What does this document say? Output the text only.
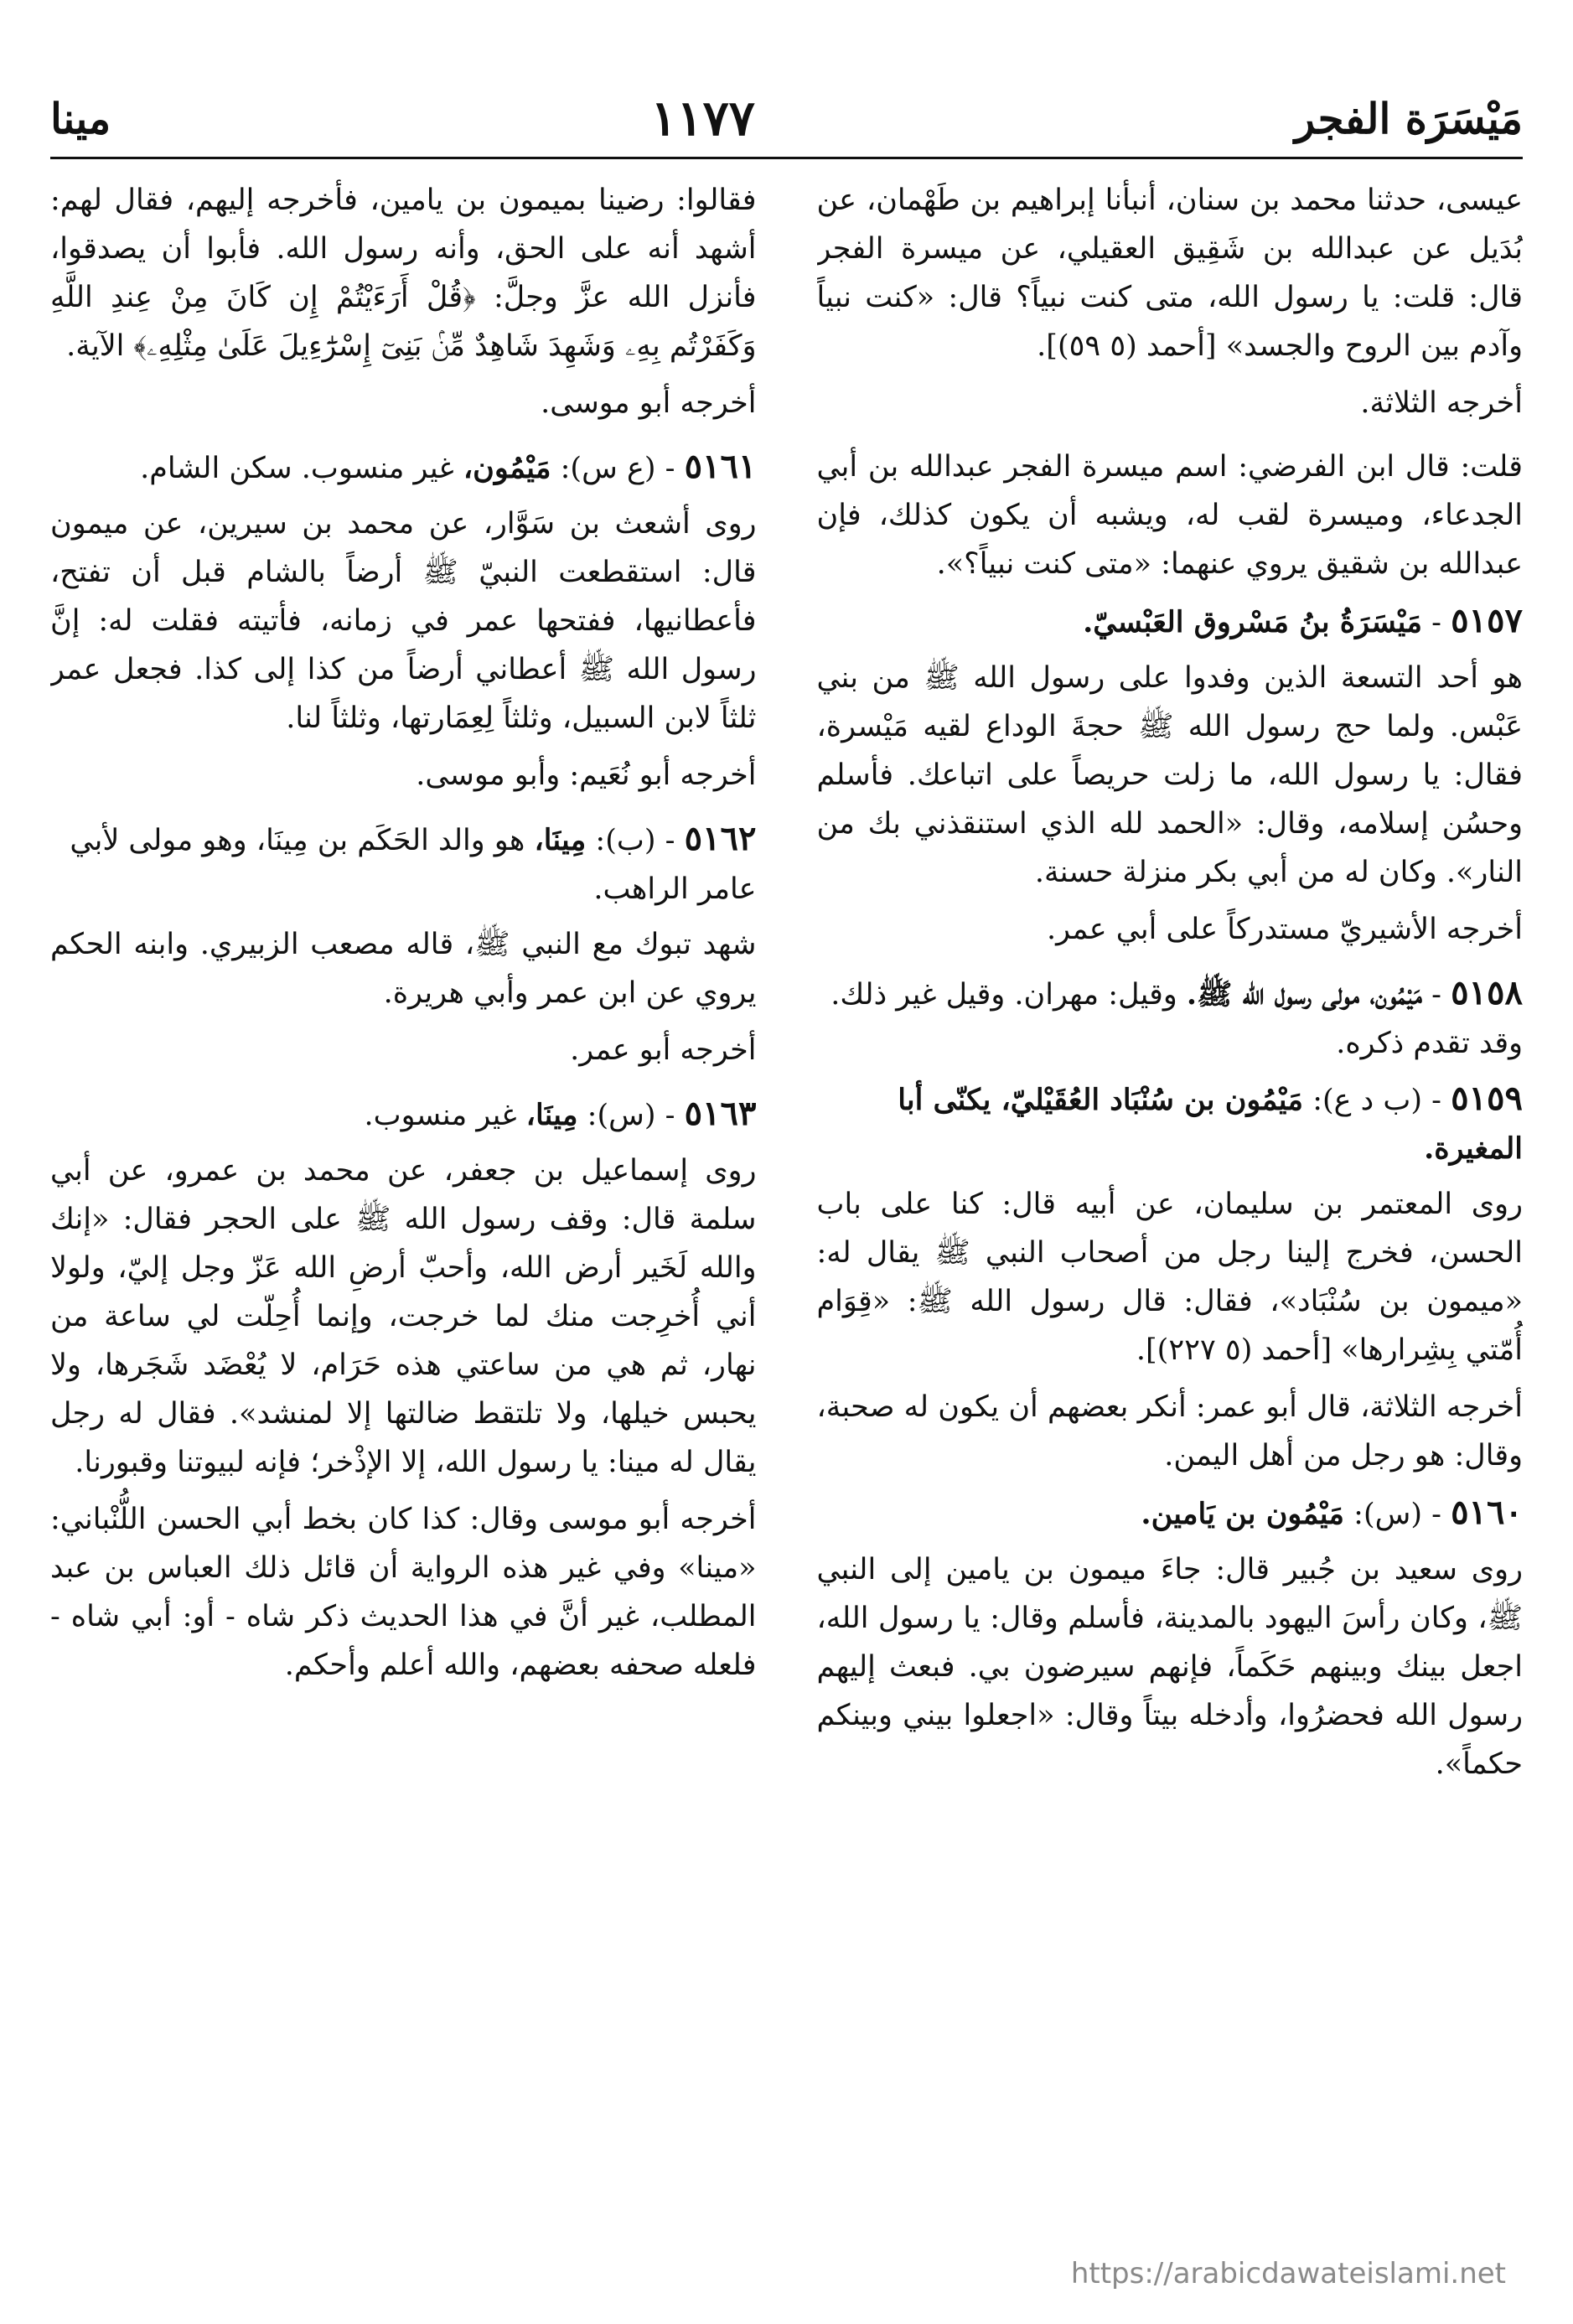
مَيْسَرَة الفجر
١١٧٧
مينا

عيسى، حدثنا محمد بن سنان، أنبأنا إبراهيم بن طَهْمان، عن بُدَيل عن عبدالله بن شَقِيق العقيلي، عن ميسرة الفجر قال: قلت: يا رسول الله، متى كنت نبياً؟ قال: «كنت نبياً وآدم بين الروح والجسد» [أحمد (٥ ٥٩)].

أخرجه الثلاثة.

قلت: قال ابن الفرضي: اسم ميسرة الفجر عبدالله بن أبي الجدعاء، وميسرة لقب له، ويشبه أن يكون كذلك، فإن عبدالله بن شقيق يروي عنهما: «متى كنت نبياً؟».

٥١٥٧ - مَيْسَرَةُ بنُ مَسْروق العَبْسيّ.

هو أحد التسعة الذين وفدوا على رسول الله ﷺ من بني عَبْس. ولما حج رسول الله ﷺ حجةَ الوداع لقيه مَيْسرة، فقال: يا رسول الله، ما زلت حريصاً على اتباعك. فأسلم وحسُن إسلامه، وقال: «الحمد لله الذي استنقذني بك من النار». وكان له من أبي بكر منزلة حسنة.

أخرجه الأشيريّ مستدركاً على أبي عمر.

٥١٥٨ - مَيْمُون، مولى رسول الله ﷺ. وقيل: مهران. وقيل غير ذلك. وقد تقدم ذكره.

٥١٥٩ - (ب د ع): مَيْمُون بن سُنْبَاد العُقَيْليّ، يكنّى أبا المغيرة.

روى المعتمر بن سليمان، عن أبيه قال: كنا على باب الحسن، فخرج إلينا رجل من أصحاب النبي ﷺ يقال له: «ميمون بن سُنْبَاد»، فقال: قال رسول الله ﷺ: «قِوَام أُمّتي بِشِرارها» [أحمد (٥ ٢٢٧)].

أخرجه الثلاثة، قال أبو عمر: أنكر بعضهم أن يكون له صحبة، وقال: هو رجل من أهل اليمن.

٥١٦٠ - (س): مَيْمُون بن يَامين.

روى سعيد بن جُبير قال: جاءَ ميمون بن يامين إلى النبي ﷺ، وكان رأسَ اليهود بالمدينة، فأسلم وقال: يا رسول الله، اجعل بينك وبينهم حَكَماً، فإنهم سيرضون بي. فبعث إليهم رسول الله فحضرُوا، وأدخله بيتاً وقال: «اجعلوا بيني وبينكم حكماً».

فقالوا: رضينا بميمون بن يامين، فأخرجه إليهم، فقال لهم: أشهد أنه على الحق، وأنه رسول الله. فأبوا أن يصدقوا، فأنزل الله عزَّ وجلَّ: ﴿قُلْ أَرَءَيْتُمْ إِن كَانَ مِنْ عِندِ اللَّهِ وَكَفَرْتُم بِهِۦ وَشَهِدَ شَاهِدٌ مِّنۢ بَنِىٓ إِسْرَٰٓءِيلَ عَلَىٰ مِثْلِهِۦ﴾ الآية.

أخرجه أبو موسى.

٥١٦١ - (ع س): مَيْمُون، غير منسوب. سكن الشام.

روى أشعث بن سَوَّار، عن محمد بن سيرين، عن ميمون قال: استقطعت النبيّ ﷺ أرضاً بالشام قبل أن تفتح، فأعطانيها، ففتحها عمر في زمانه، فأتيته فقلت له: إنَّ رسول الله ﷺ أعطاني أرضاً من كذا إلى كذا. فجعل عمر ثلثاً لابن السبيل، وثلثاً لِعِمَارتها، وثلثاً لنا.

أخرجه أبو نُعَيم: وأبو موسى.

٥١٦٢ - (ب): مِينَا، هو والد الحَكَم بن مِينَا، وهو مولى لأبي عامر الراهب.

شهد تبوك مع النبي ﷺ، قاله مصعب الزبيري. وابنه الحكم يروي عن ابن عمر وأبي هريرة.

أخرجه أبو عمر.

٥١٦٣ - (س): مِينَا، غير منسوب.

روى إسماعيل بن جعفر، عن محمد بن عمرو، عن أبي سلمة قال: وقف رسول الله ﷺ على الحجر فقال: «إنك والله لَخَير أرض الله، وأحبّ أرضِ الله عَزّ وجل إليّ، ولولا أني أُخرِجت منك لما خرجت، وإنما أُحِلّت لي ساعة من نهار، ثم هي من ساعتي هذه حَرَام، لا يُعْضَد شَجَرها، ولا يحبس خيلها، ولا تلتقط ضالتها إلا لمنشد». فقال له رجل يقال له مينا: يا رسول الله، إلا الإذْخر؛ فإنه لبيوتنا وقبورنا.

أخرجه أبو موسى وقال: كذا كان بخط أبي الحسن اللُّنْباني: «مينا» وفي غير هذه الرواية أن قائل ذلك العباس بن عبد المطلب، غير أنَّ في هذا الحديث ذكر شاه - أو: أبي شاه - فلعله صحفه بعضهم، والله أعلم وأحكم.

https://arabicdawateislami.net
